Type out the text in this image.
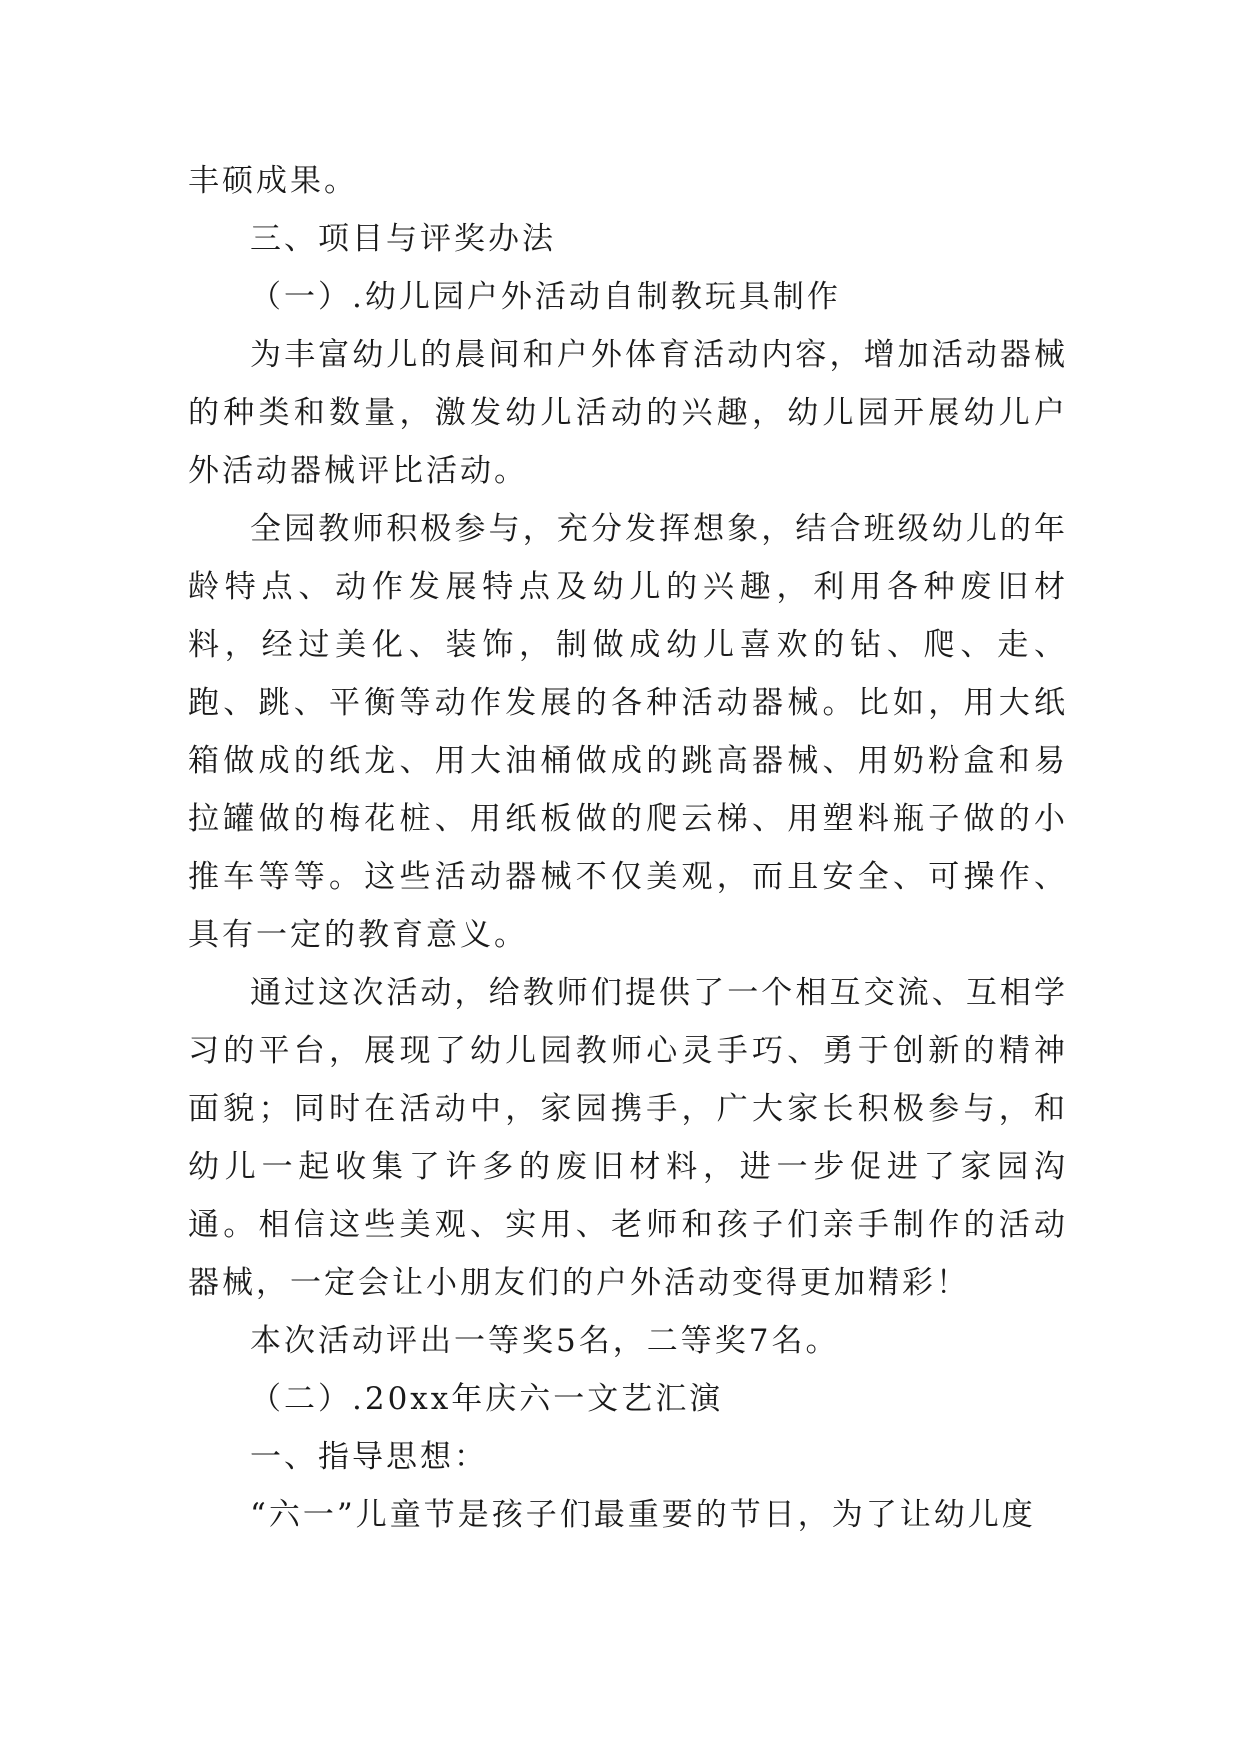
丰硕成果。

三、项目与评奖办法

（一）.幼儿园户外活动自制教玩具制作

为丰富幼儿的晨间和户外体育活动内容，增加活动器械的种类和数量，激发幼儿活动的兴趣，幼儿园开展幼儿户外活动器械评比活动。

全园教师积极参与，充分发挥想象，结合班级幼儿的年龄特点、动作发展特点及幼儿的兴趣，利用各种废旧材料，经过美化、装饰，制做成幼儿喜欢的钻、爬、走、跑、跳、平衡等动作发展的各种活动器械。比如，用大纸箱做成的纸龙、用大油桶做成的跳高器械、用奶粉盒和易拉罐做的梅花桩、用纸板做的爬云梯、用塑料瓶子做的小推车等等。这些活动器械不仅美观，而且安全、可操作、具有一定的教育意义。

通过这次活动，给教师们提供了一个相互交流、互相学习的平台，展现了幼儿园教师心灵手巧、勇于创新的精神面貌；同时在活动中，家园携手，广大家长积极参与，和幼儿一起收集了许多的废旧材料，进一步促进了家园沟通。相信这些美观、实用、老师和孩子们亲手制作的活动器械，一定会让小朋友们的户外活动变得更加精彩！

本次活动评出一等奖5名，二等奖7名。

（二）.20xx年庆六一文艺汇演

一、指导思想：

“六一”儿童节是孩子们最重要的节日，为了让幼儿度
